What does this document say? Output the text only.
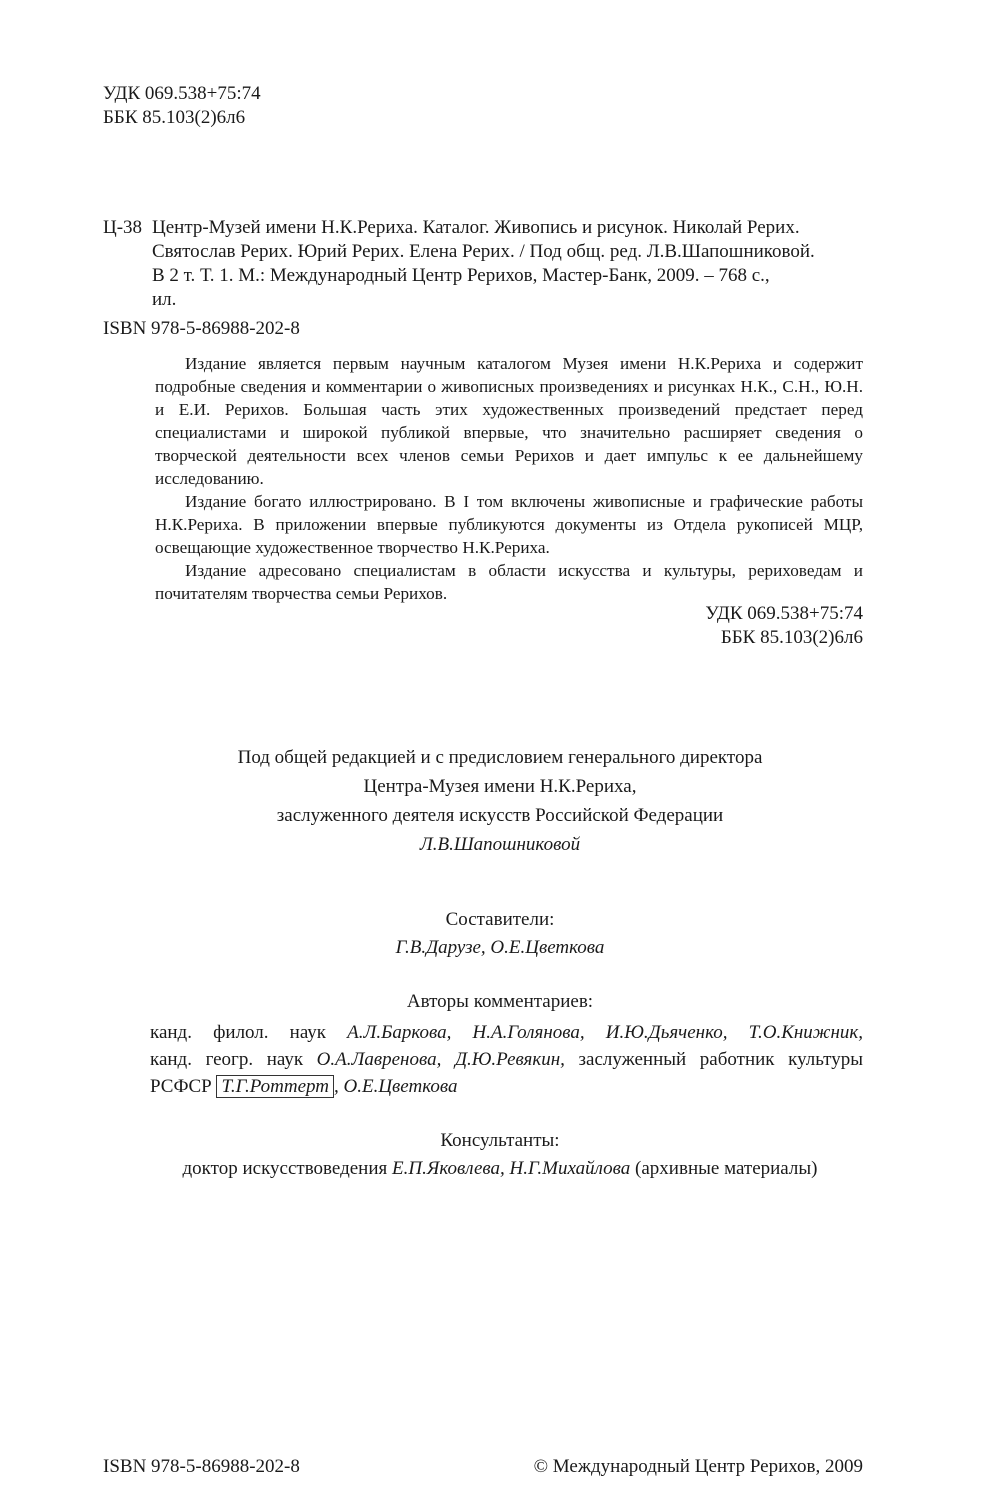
УДК 069.538+75:74
ББК 85.103(2)6л6
Ц-38 Центр-Музей имени Н.К.Рериха. Каталог. Живопись и рисунок. Николай Рерих.
Святослав Рерих. Юрий Рерих. Елена Рерих. / Под общ. ред. Л.В.Шапошниковой.
В 2 т. Т. 1. М.: Международный Центр Рерихов, Мастер-Банк, 2009. – 768 с.,
ил.
ISBN 978-5-86988-202-8

Издание является первым научным каталогом Музея имени Н.К.Рериха и содержит подробные сведения и комментарии о живописных произведениях и рисунках Н.К., С.Н., Ю.Н. и Е.И. Рерихов. Большая часть этих художественных произведений предстает перед специалистами и широкой публикой впервые, что значительно расширяет сведения о творческой деятельности всех членов семьи Рерихов и дает импульс к ее дальнейшему исследованию.

Издание богато иллюстрировано. В I том включены живописные и графические работы Н.К.Рериха. В приложении впервые публикуются документы из Отдела рукописей МЦР, освещающие художественное творчество Н.К.Рериха.

Издание адресовано специалистам в области искусства и культуры, рериховедам и почитателям творчества семьи Рерихов.

УДК 069.538+75:74
ББК 85.103(2)6л6
Под общей редакцией и с предисловием генерального директора
Центра-Музея имени Н.К.Рериха,
заслуженного деятеля искусств Российской Федерации
Л.В.Шапошниковой
Составители:
Г.В.Дарузе, О.Е.Цветкова
Авторы комментариев:
канд. филол. наук А.Л.Баркова, Н.А.Голянова, И.Ю.Дьяченко, Т.О.Книжник,
канд. геогр. наук О.А.Лавренова, Д.Ю.Ревякин, заслуженный работник культуры
РСФСР Т.Г.Роттерт , О.Е.Цветкова
Консультанты:
доктор искусствоведения Е.П.Яковлева, Н.Г.Михайлова (архивные материалы)
ISBN 978-5-86988-202-8	© Международный Центр Рерихов, 2009
